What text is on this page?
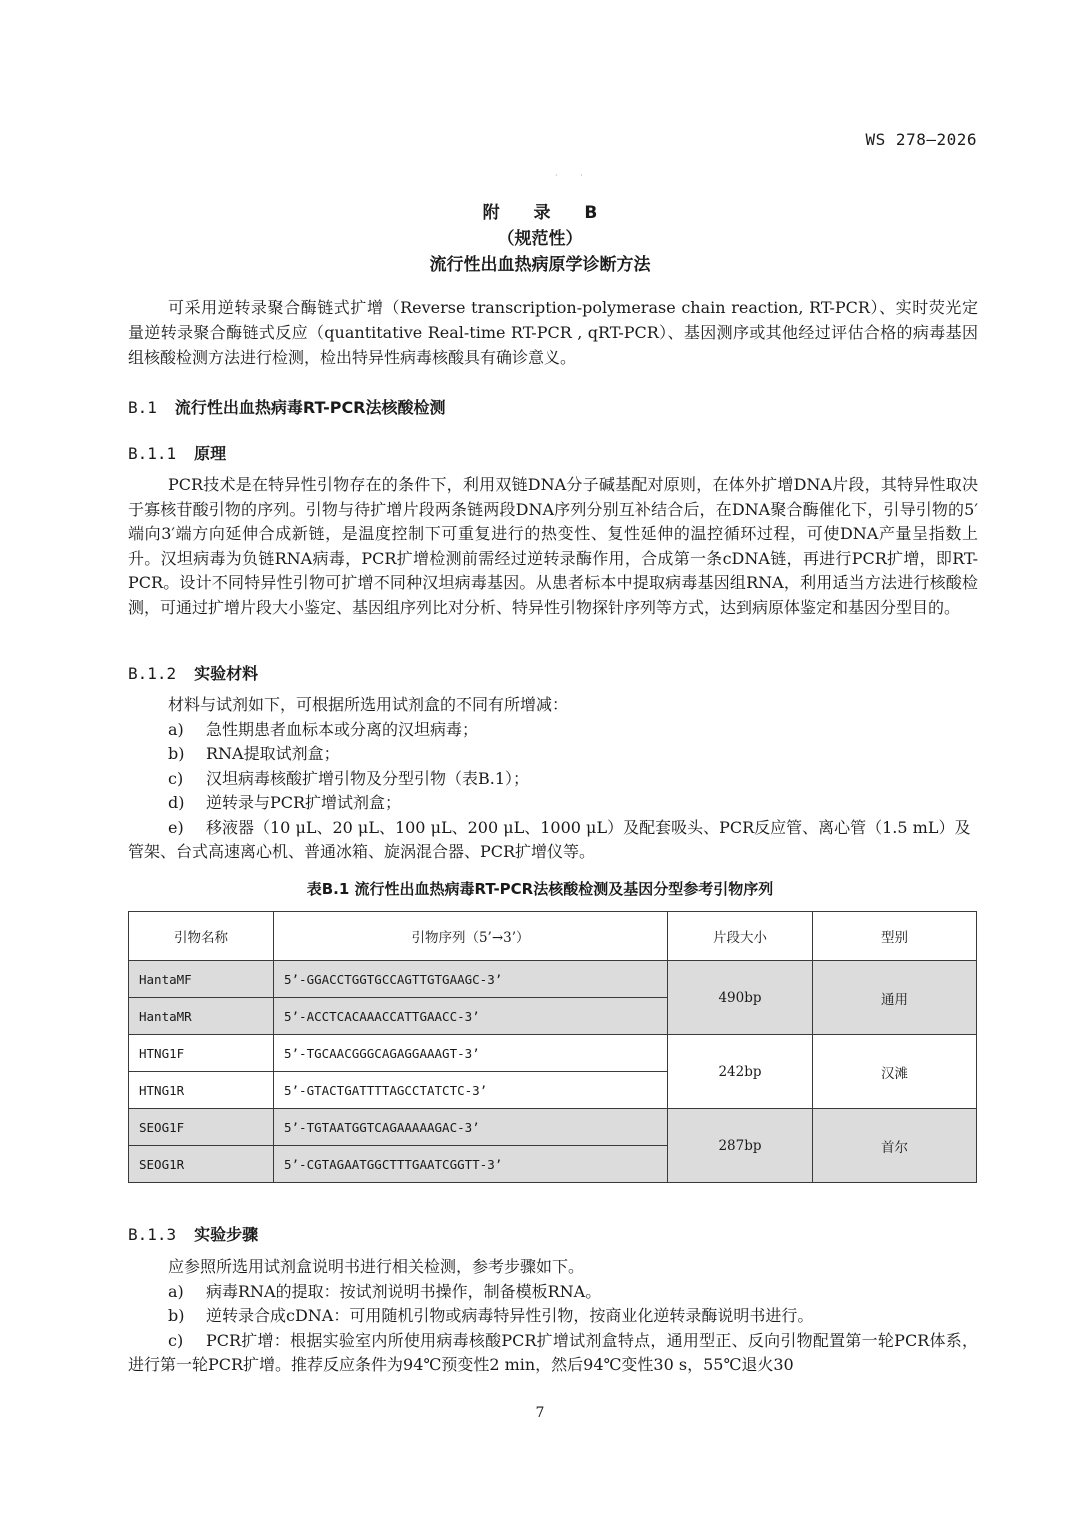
WS 278—2026
· ·
附 录 B
（规范性）
流行性出血热病原学诊断方法

可采用逆转录聚合酶链式扩增（Reverse transcription-polymerase chain reaction, RT-PCR）、实时荧光定量逆转录聚合酶链式反应（quantitative Real-time RT-PCR , qRT-PCR）、基因测序或其他经过评估合格的病毒基因组核酸检测方法进行检测，检出特异性病毒核酸具有确诊意义。

B.1 流行性出血热病毒RT-PCR法核酸检测
B.1.1 原理

PCR技术是在特异性引物存在的条件下，利用双链DNA分子碱基配对原则，在体外扩增DNA片段，其特异性取决于寡核苷酸引物的序列。引物与待扩增片段两条链两段DNA序列分别互补结合后，在DNA聚合酶催化下，引导引物的5′端向3′端方向延伸合成新链，是温度控制下可重复进行的热变性、复性延伸的温控循环过程，可使DNA产量呈指数上升。汉坦病毒为负链RNA病毒，PCR扩增检测前需经过逆转录酶作用，合成第一条cDNA链，再进行PCR扩增，即RT-PCR。设计不同特异性引物可扩增不同种汉坦病毒基因。从患者标本中提取病毒基因组RNA，利用适当方法进行核酸检测，可通过扩增片段大小鉴定、基因组序列比对分析、特异性引物探针序列等方式，达到病原体鉴定和基因分型目的。

B.1.2 实验材料
材料与试剂如下，可根据所选用试剂盒的不同有所增减：
a) 急性期患者血标本或分离的汉坦病毒；
b) RNA提取试剂盒；
c) 汉坦病毒核酸扩增引物及分型引物（表B.1）；
d) 逆转录与PCR扩增试剂盒；
e) 移液器（10 μL、20 μL、100 μL、200 μL、1000 μL）及配套吸头、PCR反应管、离心管（1.5 mL）及管架、台式高速离心机、普通冰箱、旋涡混合器、PCR扩增仪等。
表B.1 流行性出血热病毒RT-PCR法核酸检测及基因分型参考引物序列
引物名称	引物序列（5’→3’）	片段大小	型别
HantaMF	5’-GGACCTGGTGCCAGTTGTGAAGC-3’	490bp	通用
HantaMR	5’-ACCTCACAAACCATTGAACC-3’		
HTNG1F	5’-TGCAACGGGCAGAGGAAAGT-3’	242bp	汉滩
HTNG1R	5’-GTACTGATTTTAGCCTATCTC-3’		
SEOG1F	5’-TGTAATGGTCAGAAAAAGAC-3’	287bp	首尔
SEOG1R	5’-CGTAGAATGGCTTTGAATCGGTT-3’		
B.1.3 实验步骤
应参照所选用试剂盒说明书进行相关检测，参考步骤如下。
a) 病毒RNA的提取：按试剂说明书操作，制备模板RNA。
b) 逆转录合成cDNA：可用随机引物或病毒特异性引物，按商业化逆转录酶说明书进行。
c) PCR扩增：根据实验室内所使用病毒核酸PCR扩增试剂盒特点，通用型正、反向引物配置第一轮PCR体系，进行第一轮PCR扩增。推荐反应条件为94℃预变性2 min，然后94℃变性30 s，55℃退火30
7
